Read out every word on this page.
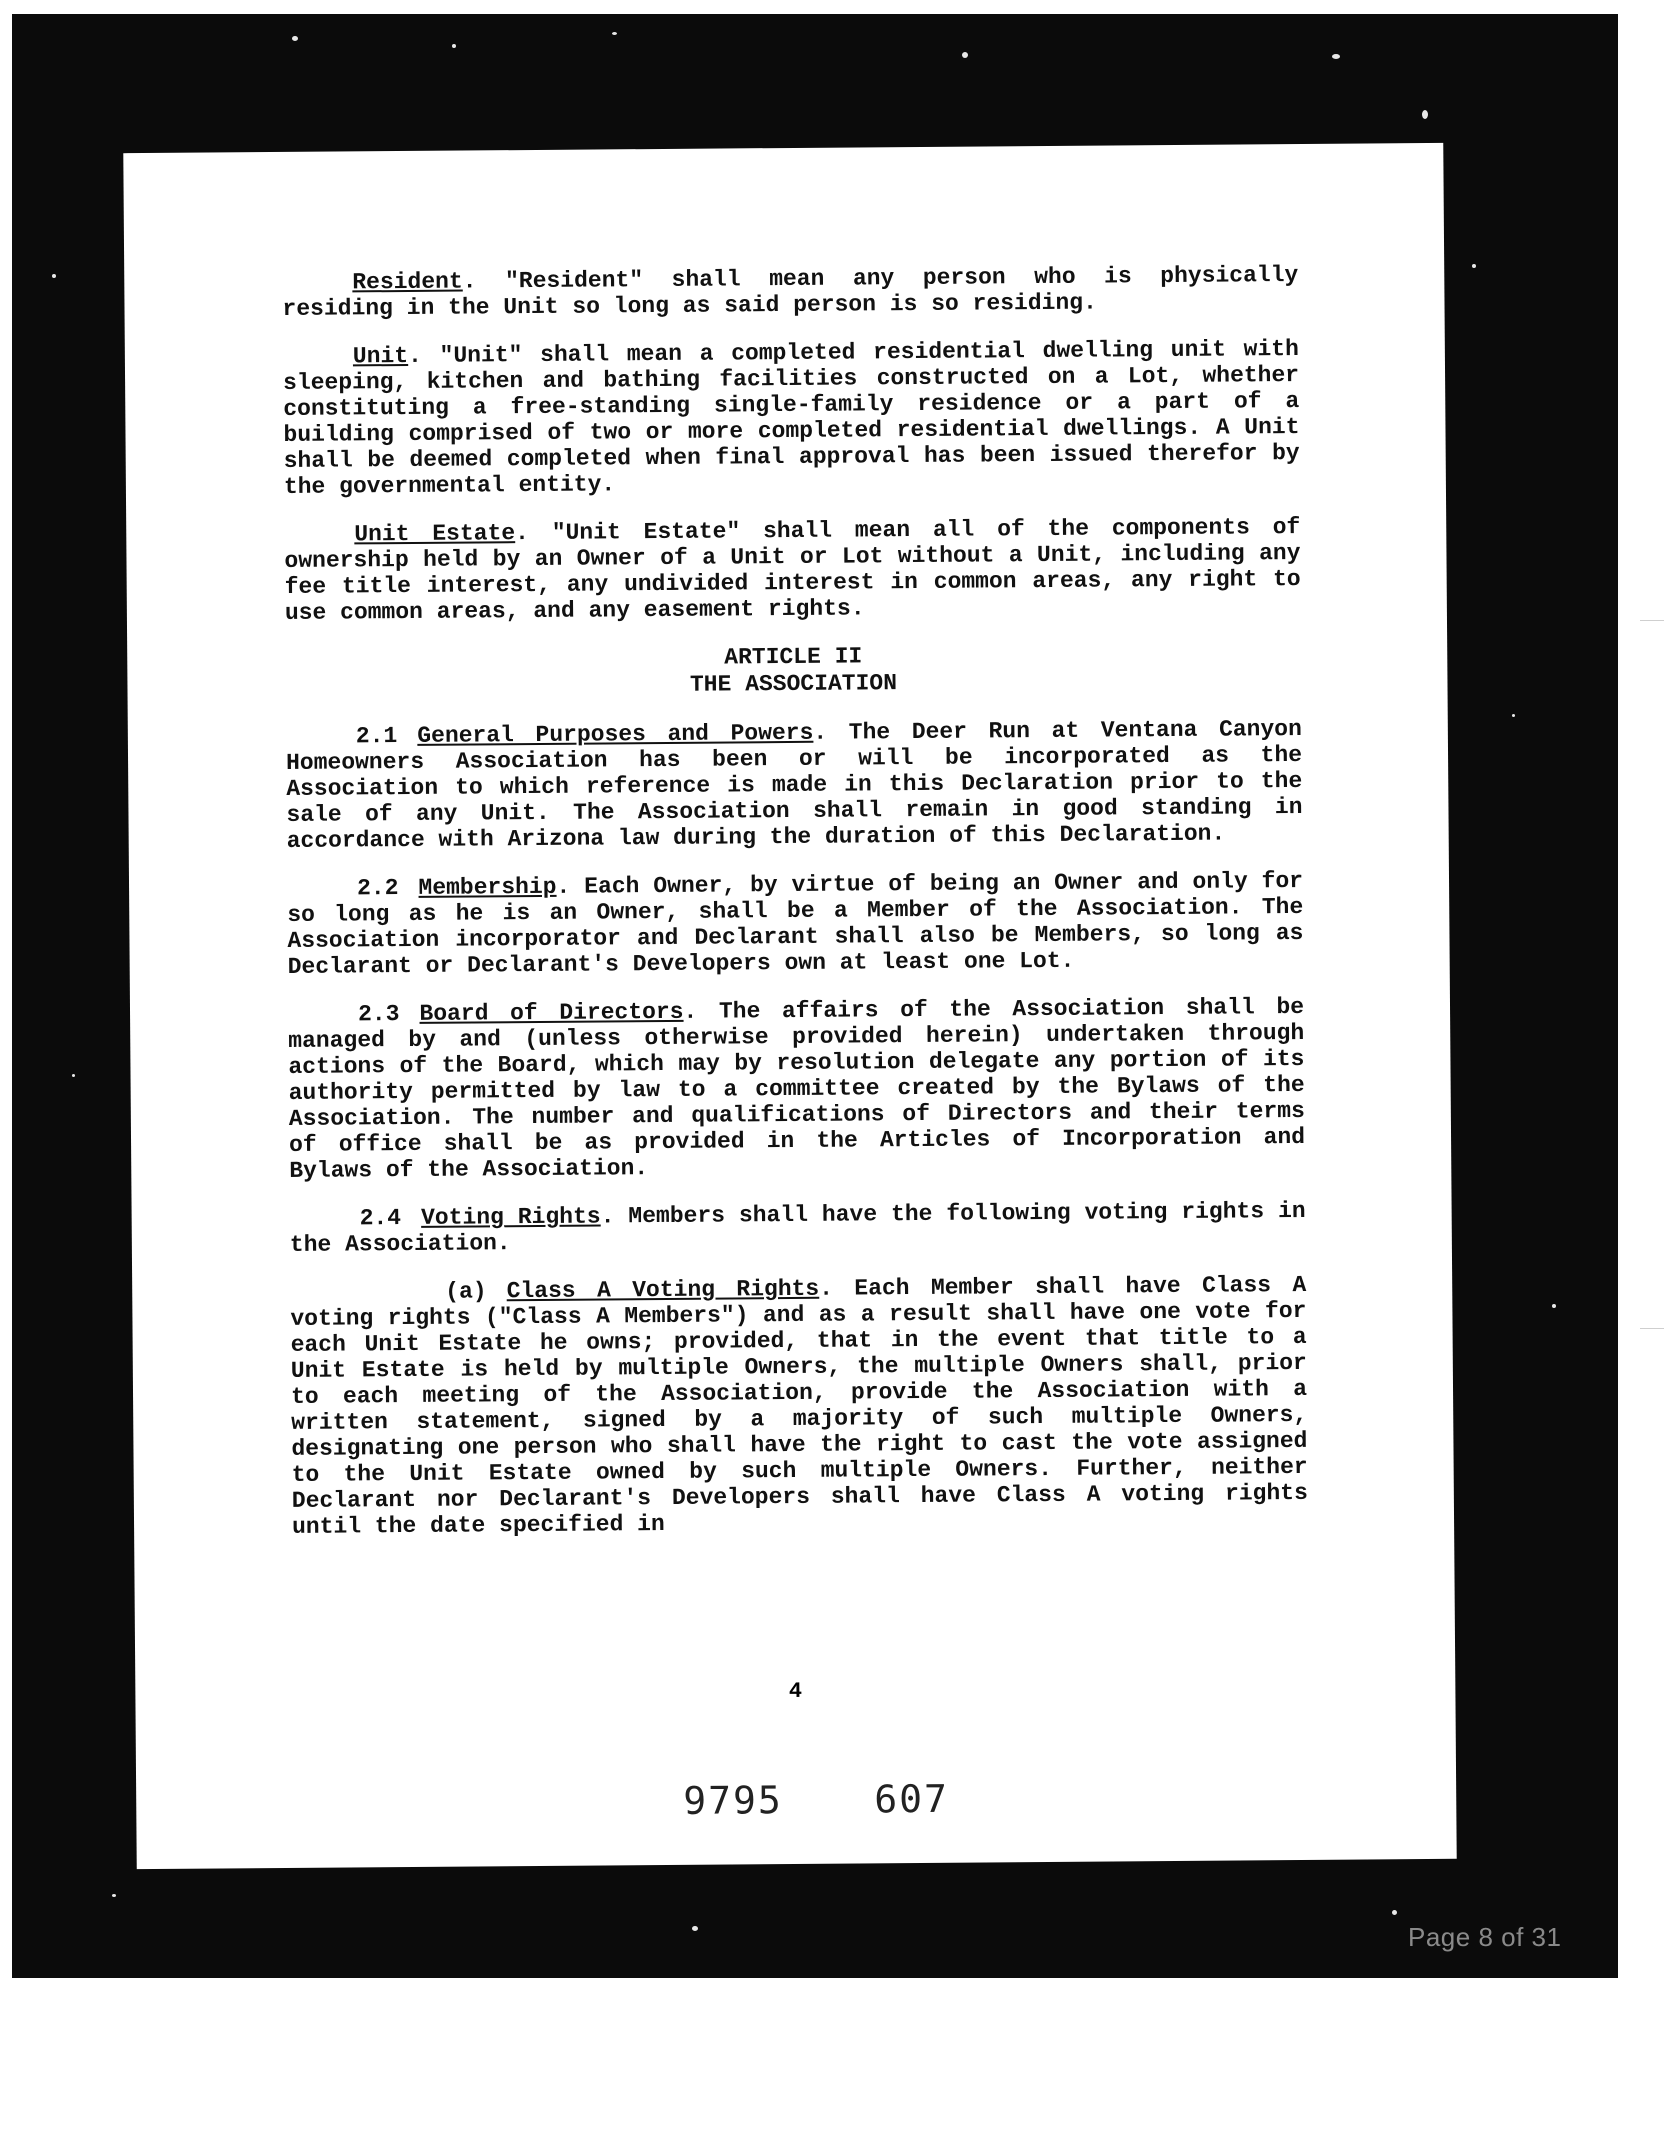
Resident. "Resident" shall mean any person who is physically residing in the Unit so long as said person is so residing.

Unit. "Unit" shall mean a completed residential dwelling unit with sleeping, kitchen and bathing facilities constructed on a Lot, whether constituting a free-standing single-family residence or a part of a building comprised of two or more completed residential dwellings. A Unit shall be deemed completed when final approval has been issued therefor by the governmental entity.

Unit Estate. "Unit Estate" shall mean all of the components of ownership held by an Owner of a Unit or Lot without a Unit, including any fee title interest, any undivided interest in common areas, any right to use common areas, and any easement rights.

ARTICLE II
THE ASSOCIATION

2.1 General Purposes and Powers. The Deer Run at Ventana Canyon Homeowners Association has been or will be incorporated as the Association to which reference is made in this Declaration prior to the sale of any Unit. The Association shall remain in good standing in accordance with Arizona law during the duration of this Declaration.

2.2 Membership. Each Owner, by virtue of being an Owner and only for so long as he is an Owner, shall be a Member of the Association. The Association incorporator and Declarant shall also be Members, so long as Declarant or Declarant's Developers own at least one Lot.

2.3 Board of Directors. The affairs of the Association shall be managed by and (unless otherwise provided herein) undertaken through actions of the Board, which may by resolution delegate any portion of its authority permitted by law to a committee created by the Bylaws of the Association. The number and qualifications of Directors and their terms of office shall be as provided in the Articles of Incorporation and Bylaws of the Association.

2.4 Voting Rights. Members shall have the following voting rights in the Association.

(a) Class A Voting Rights. Each Member shall have Class A voting rights ("Class A Members") and as a result shall have one vote for each Unit Estate he owns; provided, that in the event that title to a Unit Estate is held by multiple Owners, the multiple Owners shall, prior to each meeting of the Association, provide the Association with a written statement, signed by a majority of such multiple Owners, designating one person who shall have the right to cast the vote assigned to the Unit Estate owned by such multiple Owners. Further, neither Declarant nor Declarant's Developers shall have Class A voting rights until the date specified in

4
9795 607
Page 8 of 31
